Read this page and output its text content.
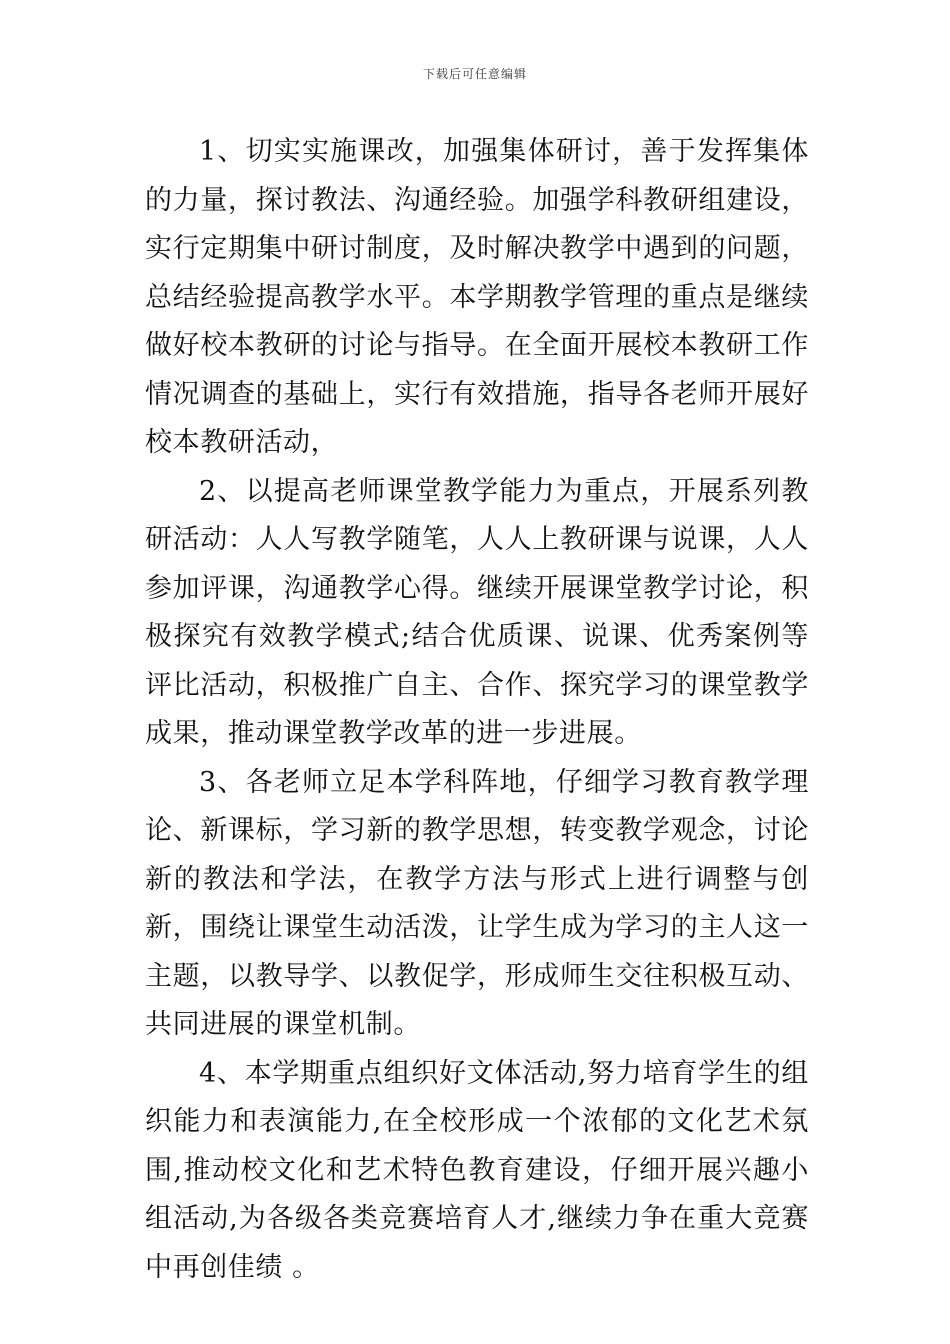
下载后可任意编辑

1、切实实施课改，加强集体研讨，善于发挥集体的力量，探讨教法、沟通经验。加强学科教研组建设，实行定期集中研讨制度，及时解决教学中遇到的问题，总结经验提高教学水平。本学期教学管理的重点是继续做好校本教研的讨论与指导。在全面开展校本教研工作情况调查的基础上，实行有效措施，指导各老师开展好校本教研活动，

2、以提高老师课堂教学能力为重点，开展系列教研活动：人人写教学随笔，人人上教研课与说课，人人参加评课，沟通教学心得。继续开展课堂教学讨论，积极探究有效教学模式;结合优质课、说课、优秀案例等评比活动，积极推广自主、合作、探究学习的课堂教学成果，推动课堂教学改革的进一步进展。

3、各老师立足本学科阵地，仔细学习教育教学理论、新课标，学习新的教学思想，转变教学观念，讨论新的教法和学法，在教学方法与形式上进行调整与创新，围绕让课堂生动活泼，让学生成为学习的主人这一主题，以教导学、以教促学，形成师生交往积极互动、共同进展的课堂机制。

4、本学期重点组织好文体活动,努力培育学生的组织能力和表演能力,在全校形成一个浓郁的文化艺术氛围,推动校文化和艺术特色教育建设，仔细开展兴趣小组活动,为各级各类竞赛培育人才,继续力争在重大竞赛中再创佳绩 。
